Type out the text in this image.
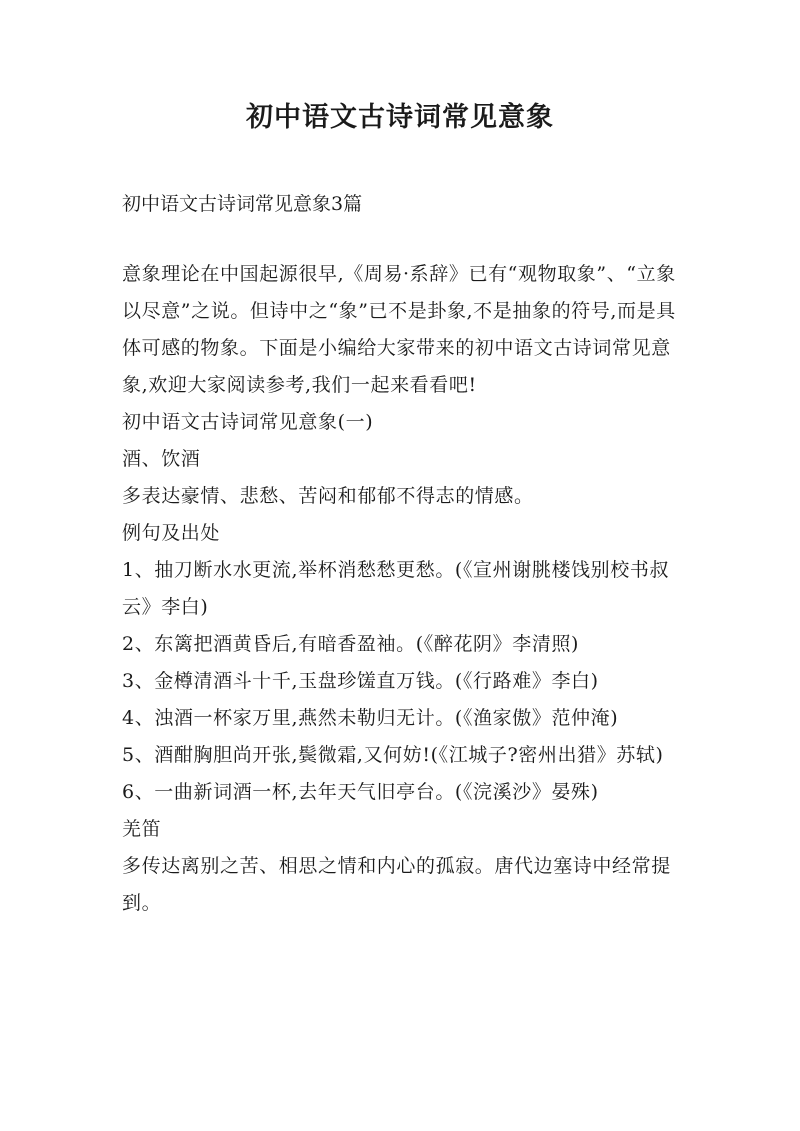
初中语文古诗词常见意象
初中语文古诗词常见意象3篇

意象理论在中国起源很早,《周易·系辞》已有“观物取象”、“立象以尽意”之说。但诗中之“象”已不是卦象,不是抽象的符号,而是具体可感的物象。下面是小编给大家带来的初中语文古诗词常见意象,欢迎大家阅读参考,我们一起来看看吧!

初中语文古诗词常见意象(一)

酒、饮酒

多表达豪情、悲愁、苦闷和郁郁不得志的情感。

例句及出处

1、抽刀断水水更流,举杯消愁愁更愁。(《宣州谢朓楼饯别校书叔云》李白)

2、东篱把酒黄昏后,有暗香盈袖。(《醉花阴》李清照)

3、金樽清酒斗十千,玉盘珍馐直万钱。(《行路难》李白)

4、浊酒一杯家万里,燕然未勒归无计。(《渔家傲》范仲淹)

5、酒酣胸胆尚开张,鬓微霜,又何妨!(《江城子?密州出猎》苏轼)

6、一曲新词酒一杯,去年天气旧亭台。(《浣溪沙》晏殊)

羌笛

多传达离别之苦、相思之情和内心的孤寂。唐代边塞诗中经常提到。
